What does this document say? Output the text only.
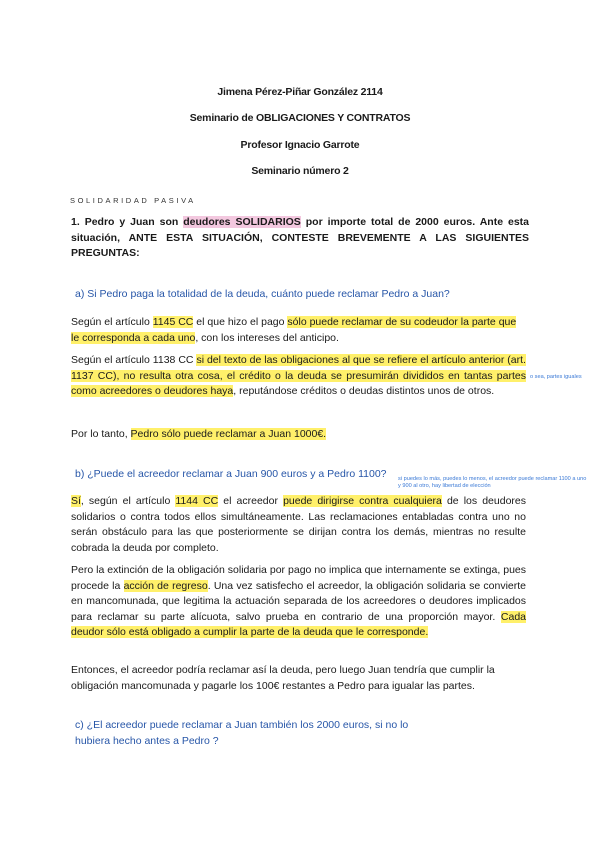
Jimena Pérez-Piñar González 2114
Seminario de OBLIGACIONES Y CONTRATOS
Profesor Ignacio Garrote
Seminario número 2
SOLIDARIDAD PASIVA

1. Pedro y Juan son deudores SOLIDARIOS por importe total de 2000 euros. Ante esta situación, ANTE ESTA SITUACIÓN, CONTESTE BREVEMENTE A LAS SIGUIENTES PREGUNTAS:

a) Si Pedro paga la totalidad de la deuda, cuánto puede reclamar Pedro a Juan?

Según el artículo 1145 CC el que hizo el pago sólo puede reclamar de su codeudor la parte que le corresponda a cada uno, con los intereses del anticipo.

Según el artículo 1138 CC si del texto de las obligaciones al que se refiere el artículo anterior (art. 1137 CC), no resulta otra cosa, el crédito o la deuda se presumirán divididos en tantas partes como acreedores o deudores haya, reputándose créditos o deudas distintos unos de otros.

o sea, partes iguales

Por lo tanto, Pedro sólo puede reclamar a Juan 1000€.

b) ¿Puede el acreedor reclamar a Juan 900 euros y a Pedro 1100? si puedes lo más, puedes lo menos, el acreedor puede reclamar 1100 a uno y 900 al otro, hay libertad de elección

Sí, según el artículo 1144 CC el acreedor puede dirigirse contra cualquiera de los deudores solidarios o contra todos ellos simultáneamente. Las reclamaciones entabladas contra uno no serán obstáculo para las que posteriormente se dirijan contra los demás, mientras no resulte cobrada la deuda por completo.

Pero la extinción de la obligación solidaria por pago no implica que internamente se extinga, pues procede la acción de regreso. Una vez satisfecho el acreedor, la obligación solidaria se convierte en mancomunada, que legitima la actuación separada de los acreedores o deudores implicados para reclamar su parte alícuota, salvo prueba en contrario de una proporción mayor. Cada deudor sólo está obligado a cumplir la parte de la deuda que le corresponde.

Entonces, el acreedor podría reclamar así la deuda, pero luego Juan tendría que cumplir la obligación mancomunada y pagarle los 100€ restantes a Pedro para igualar las partes.

c) ¿El acreedor puede reclamar a Juan también los 2000 euros, si no lo hubiera hecho antes a Pedro ?
